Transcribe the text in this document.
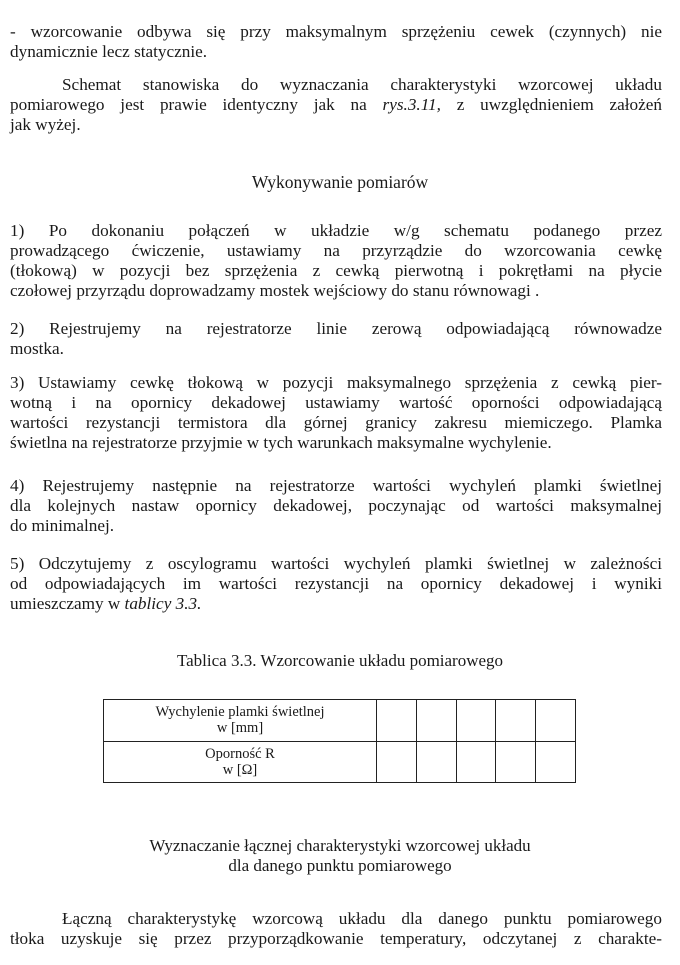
- wzorcowanie odbywa się przy maksymalnym sprzężeniu cewek (czynnych) nie
dynamicznie lecz statycznie.
Schemat stanowiska do wyznaczania charakterystyki wzorcowej układu
pomiarowego jest prawie identyczny jak na rys.3.11, z uwzględnieniem założeń
jak wyżej.
Wykonywanie pomiarów
1) Po dokonaniu połączeń w układzie w/g schematu podanego przez
prowadzącego ćwiczenie, ustawiamy na przyrządzie do wzorcowania cewkę
(tłokową) w pozycji bez sprzężenia z cewką pierwotną i pokrętłami na płycie
czołowej przyrządu doprowadzamy mostek wejściowy do stanu równowagi .
2) Rejestrujemy na rejestratorze linie zerową odpowiadającą równowadze
mostka.
3) Ustawiamy cewkę tłokową w pozycji maksymalnego sprzężenia z cewką pier-
wotną i na opornicy dekadowej ustawiamy wartość oporności odpowiadającą
wartości rezystancji termistora dla górnej granicy zakresu miemiczego. Plamka
świetlna na rejestratorze przyjmie w tych warunkach maksymalne wychylenie.
4) Rejestrujemy następnie na rejestratorze wartości wychyleń plamki świetlnej
dla kolejnych nastaw opornicy dekadowej, poczynając od wartości maksymalnej
do minimalnej.
5) Odczytujemy z oscylogramu wartości wychyleń plamki świetlnej w zależności
od odpowiadających im wartości rezystancji na opornicy dekadowej i wyniki
umieszczamy w tablicy 3.3.
Tablica 3.3. Wzorcowanie układu pomiarowego
Wychylenie plamki świetlnej
w [mm]					

Oporność R
w [Ω]					

Wyznaczanie łącznej charakterystyki wzorcowej układu
dla danego punktu pomiarowego
Łączną charakterystykę wzorcową układu dla danego punktu pomiarowego
tłoka uzyskuje się przez przyporządkowanie temperatury, odczytanej z charakte-
